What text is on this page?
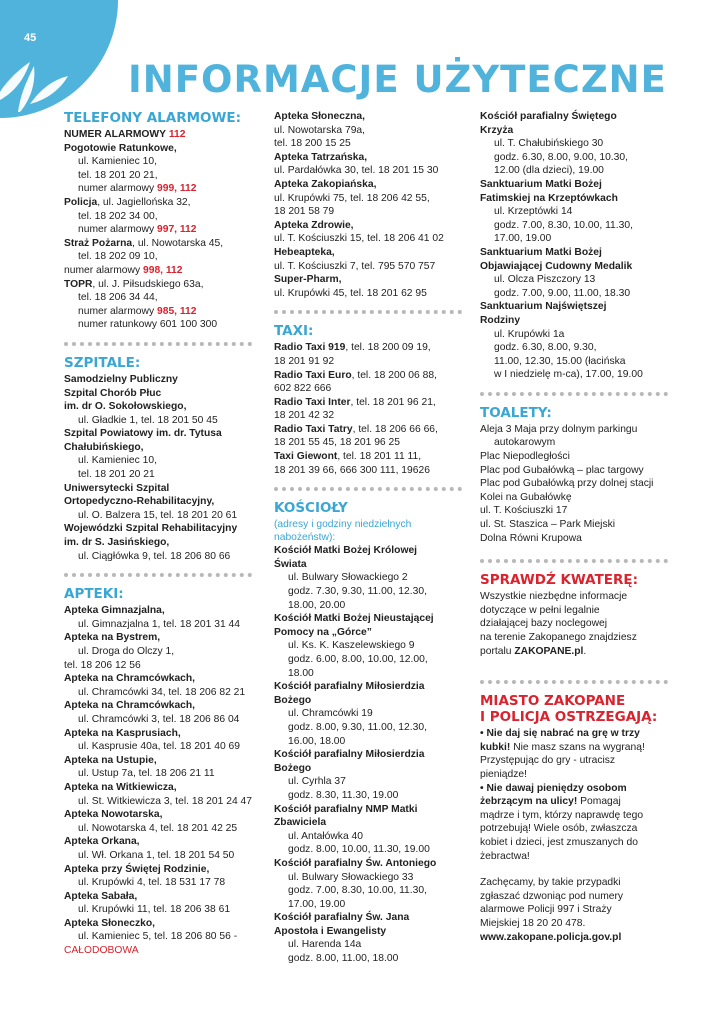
45
INFORMACJE UŻYTECZNE
TELEFONY ALARMOWE:
NUMER ALARMOWY 112
Pogotowie Ratunkowe,
ul. Kamieniec 10,
tel. 18 201 20 21,
numer alarmowy 999, 112
Policja, ul. Jagiellońska 32,
tel. 18 202 34 00,
numer alarmowy 997, 112
Straż Pożarna, ul. Nowotarska 45,
tel. 18 202 09 10,
numer alarmowy 998, 112
TOPR, ul. J. Piłsudskiego 63a,
tel. 18 206 34 44,
numer alarmowy 985, 112
numer ratunkowy 601 100 300
SZPITALE:
Samodzielny Publiczny
Szpital Chorób Płuc
im. dr O. Sokołowskiego,
ul. Gładkie 1, tel. 18 201 50 45
Szpital Powiatowy im. dr. Tytusa
Chałubińskiego,
ul. Kamieniec 10,
tel. 18 201 20 21
Uniwersytecki Szpital
Ortopedyczno-Rehabilitacyjny,
ul. O. Balzera 15, tel. 18 201 20 61
Wojewódzki Szpital Rehabilitacyjny
im. dr S. Jasińskiego,
ul. Ciągłówka 9, tel. 18 206 80 66
APTEKI:
Apteka Gimnazjalna,
ul. Gimnazjalna 1, tel. 18 201 31 44
Apteka na Bystrem,
ul. Droga do Olczy 1,
tel. 18 206 12 56
Apteka na Chramcówkach,
ul. Chramcówki 34, tel. 18 206 82 21
Apteka na Chramcówkach,
ul. Chramcówki 3, tel. 18 206 86 04
Apteka na Kasprusiach,
ul. Kasprusie 40a, tel. 18 201 40 69
Apteka na Ustupie,
ul. Ustup 7a, tel. 18 206 21 11
Apteka na Witkiewicza,
ul. St. Witkiewicza 3, tel. 18 201 24 47
Apteka Nowotarska,
ul. Nowotarska 4, tel. 18 201 42 25
Apteka Orkana,
ul. Wł. Orkana 1, tel. 18 201 54 50
Apteka przy Świętej Rodzinie,
ul. Krupówki 4, tel. 18 531 17 78
Apteka Sabała,
ul. Krupówki 11, tel. 18 206 38 61
Apteka Słoneczko,
ul. Kamieniec 5, tel. 18 206 80 56 -
CAŁODOBOWA
Apteka Słoneczna,
ul. Nowotarska 79a,
tel. 18 200 15 25
Apteka Tatrzańska,
ul. Pardałówka 30, tel. 18 201 15 30
Apteka Zakopiańska,
ul. Krupówki 75, tel. 18 206 42 55,
18 201 58 79
Apteka Zdrowie,
ul. T. Kościuszki 15, tel. 18 206 41 02
Hebeapteka,
ul. T. Kościuszki 7, tel. 795 570 757
Super-Pharm,
ul. Krupówki 45, tel. 18 201 62 95
TAXI:
Radio Taxi 919, tel. 18 200 09 19,
18 201 91 92
Radio Taxi Euro, tel. 18 200 06 88,
602 822 666
Radio Taxi Inter, tel. 18 201 96 21,
18 201 42 32
Radio Taxi Tatry, tel. 18 206 66 66,
18 201 55 45, 18 201 96 25
Taxi Giewont, tel. 18 201 11 11,
18 201 39 66, 666 300 111, 19626
KOŚCIOŁY
(adresy i godziny niedzielnych
nabożeństw):
Kościół Matki Bożej Królowej
Świata
ul. Bulwary Słowackiego 2
godz. 7.30, 9.30, 11.00, 12.30,
18.00, 20.00
Kościół Matki Bożej Nieustającej
Pomocy na „Górce”
ul. Ks. K. Kaszelewskiego 9
godz. 6.00, 8.00, 10.00, 12.00,
18.00
Kościół parafialny Miłosierdzia
Bożego
ul. Chramcówki 19
godz. 8.00, 9.30, 11.00, 12.30,
16.00, 18.00
Kościół parafialny Miłosierdzia
Bożego
ul. Cyrhla 37
godz. 8.30, 11.30, 19.00
Kościół parafialny NMP Matki
Zbawiciela
ul. Antałówka 40
godz. 8.00, 10.00, 11.30, 19.00
Kościół parafialny Św. Antoniego
ul. Bulwary Słowackiego 33
godz. 7.00, 8.30, 10.00, 11.30,
17.00, 19.00
Kościół parafialny Św. Jana
Apostoła i Ewangelisty
ul. Harenda 14a
godz. 8.00, 11.00, 18.00
Kościół parafialny Świętego
Krzyża
ul. T. Chałubińskiego 30
godz. 6.30, 8.00, 9.00, 10.30,
12.00 (dla dzieci), 19.00
Sanktuarium Matki Bożej
Fatimskiej na Krzeptówkach
ul. Krzeptówki 14
godz. 7.00, 8.30, 10.00, 11.30,
17.00, 19.00
Sanktuarium Matki Bożej
Objawiającej Cudowny Medalik
ul. Olcza Piszczory 13
godz. 7.00, 9.00, 11.00, 18.30
Sanktuarium Najświętszej
Rodziny
ul. Krupówki 1a
godz. 6.30, 8.00, 9.30,
11.00, 12.30, 15.00 (łacińska
w I niedzielę m-ca), 17.00, 19.00
TOALETY:
Aleja 3 Maja przy dolnym parkingu
autokarowym
Plac Niepodległości
Plac pod Gubałówką – plac targowy
Plac pod Gubałówką przy dolnej stacji
Kolei na Gubałówkę
ul. T. Kościuszki 17
ul. St. Staszica – Park Miejski
Dolna Równi Krupowa
SPRAWDŹ KWATERĘ:
Wszystkie niezbędne informacje
dotyczące w pełni legalnie
działającej bazy noclegowej
na terenie Zakopanego znajdziesz
portalu ZAKOPANE.pl.
MIASTO ZAKOPANE
I POLICJA OSTRZEGAJĄ:
• Nie daj się nabrać na grę w trzy
kubki! Nie masz szans na wygraną!
Przystępując do gry - utracisz
pieniądze!
• Nie dawaj pieniędzy osobom
żebrzącym na ulicy! Pomagaj
mądrze i tym, którzy naprawdę tego
potrzebują! Wiele osób, zwłaszcza
kobiet i dzieci, jest zmuszanych do
żebractwa!
Zachęcamy, by takie przypadki
zgłaszać dzwoniąc pod numery
alarmowe Policji 997 i Straży
Miejskiej 18 20 20 478.
www.zakopane.policja.gov.pl
